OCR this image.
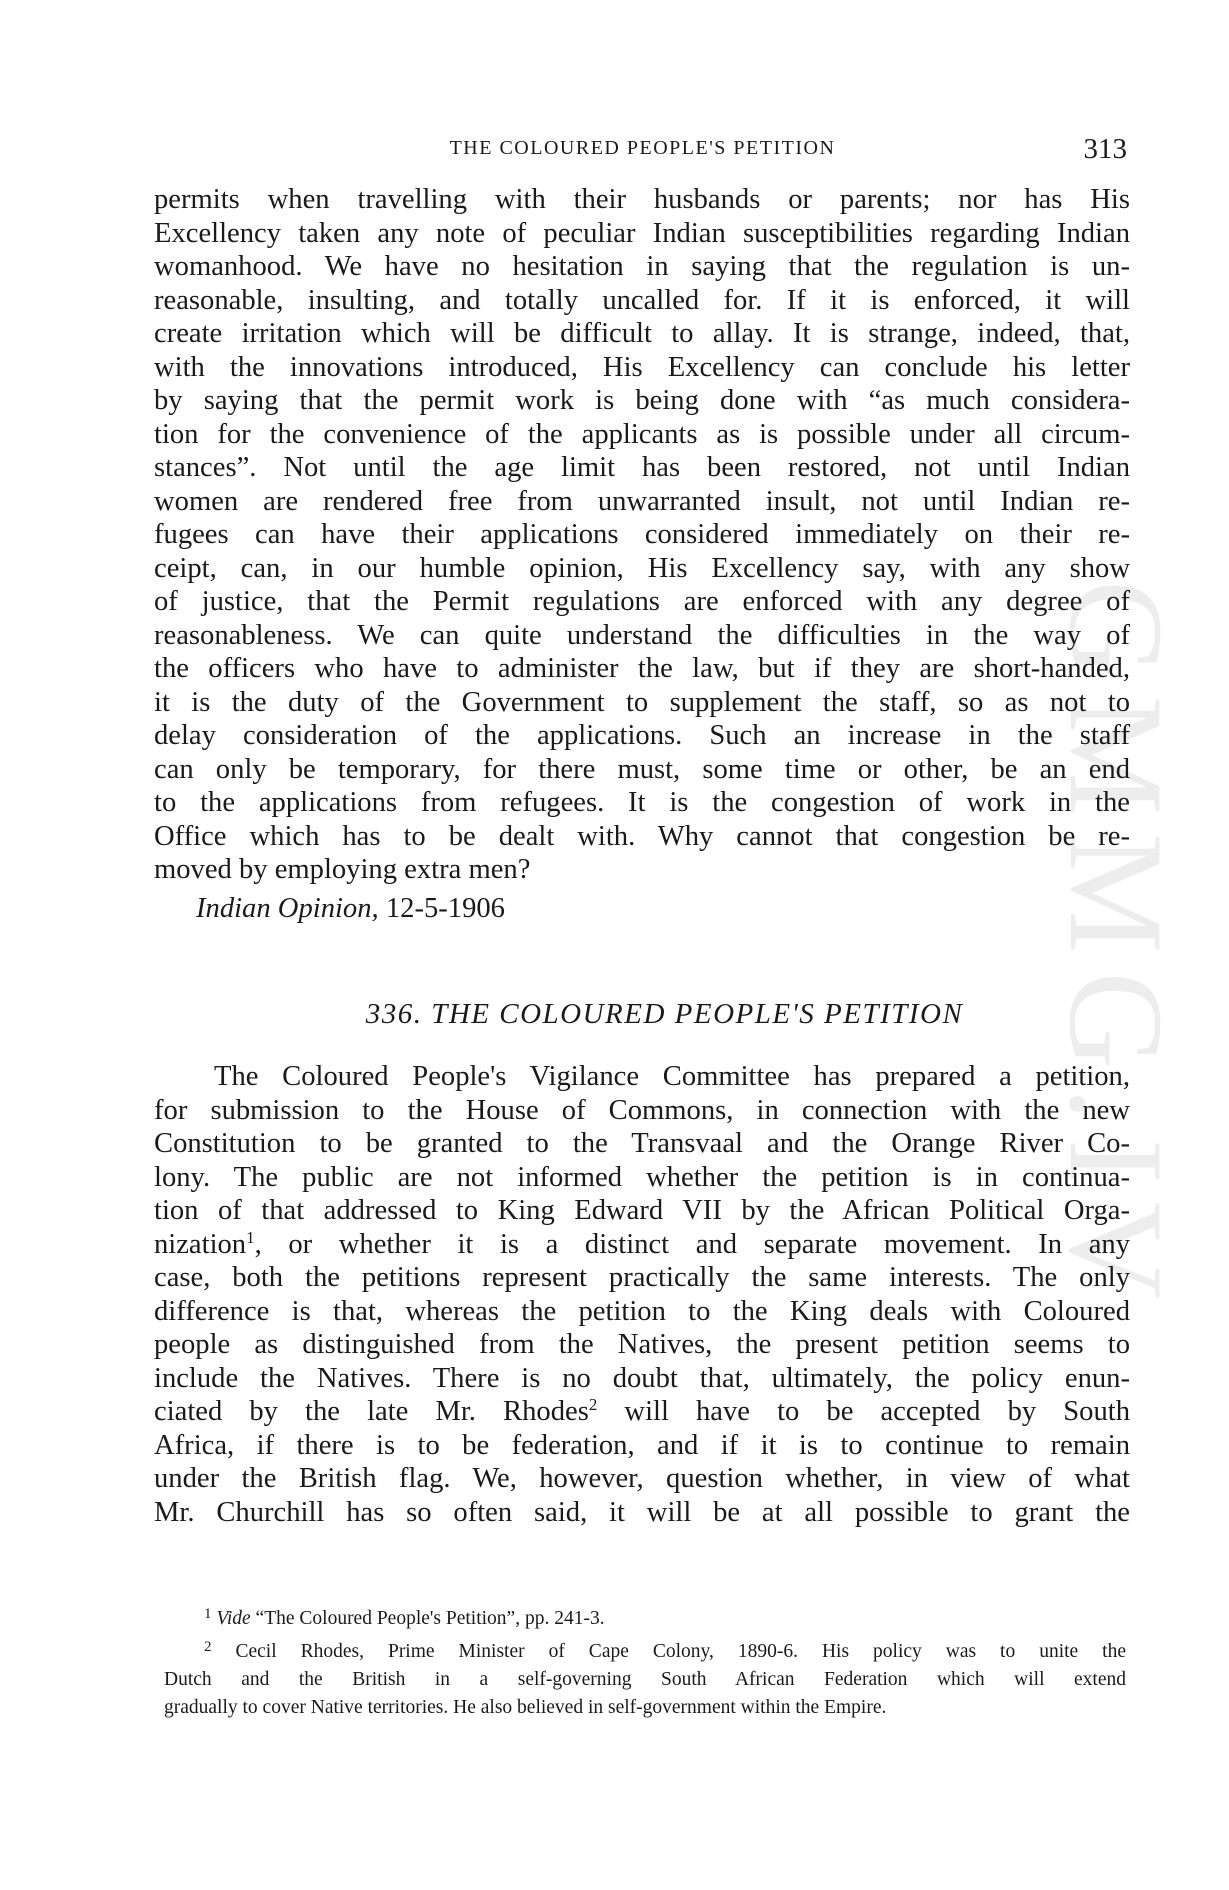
GMMG.IV
THE COLOURED PEOPLE'S PETITION	313
permits when travelling with their husbands or parents; nor has His
Excellency taken any note of peculiar Indian susceptibilities regarding Indian
womanhood. We have no hesitation in saying that the regulation is un-
reasonable, insulting, and totally uncalled for. If it is enforced, it will
create irritation which will be difficult to allay. It is strange, indeed, that,
with the innovations introduced, His Excellency can conclude his letter
by saying that the permit work is being done with “as much considera-
tion for the convenience of the applicants as is possible under all circum-
stances”. Not until the age limit has been restored, not until Indian
women are rendered free from unwarranted insult, not until Indian re-
fugees can have their applications considered immediately on their re-
ceipt, can, in our humble opinion, His Excellency say, with any show
of justice, that the Permit regulations are enforced with any degree of
reasonableness. We can quite understand the difficulties in the way of
the officers who have to administer the law, but if they are short-handed,
it is the duty of the Government to supplement the staff, so as not to
delay consideration of the applications. Such an increase in the staff
can only be temporary, for there must, some time or other, be an end
to the applications from refugees. It is the congestion of work in the
Office which has to be dealt with. Why cannot that congestion be re-
moved by employing extra men?
Indian Opinion, 12-5-1906
336. THE COLOURED PEOPLE'S PETITION
The Coloured People's Vigilance Committee has prepared a petition,
for submission to the House of Commons, in connection with the new
Constitution to be granted to the Transvaal and the Orange River Co-
lony. The public are not informed whether the petition is in continua-
tion of that addressed to King Edward VII by the African Political Orga-
nization$^1$, or whether it is a distinct and separate movement. In any
case, both the petitions represent practically the same interests. The only
difference is that, whereas the petition to the King deals with Coloured
people as distinguished from the Natives, the present petition seems to
include the Natives. There is no doubt that, ultimately, the policy enun-
ciated by the late Mr. Rhodes$^2$ will have to be accepted by South
Africa, if there is to be federation, and if it is to continue to remain
under the British flag. We, however, question whether, in view of what
Mr. Churchill has so often said, it will be at all possible to grant the
$^1$ Vide “The Coloured People's Petition”, pp. 241-3.
$^2$ Cecil Rhodes, Prime Minister of Cape Colony, 1890-6. His policy was to unite the
Dutch and the British in a self-governing South African Federation which will extend
gradually to cover Native territories. He also believed in self-government within the Empire.
